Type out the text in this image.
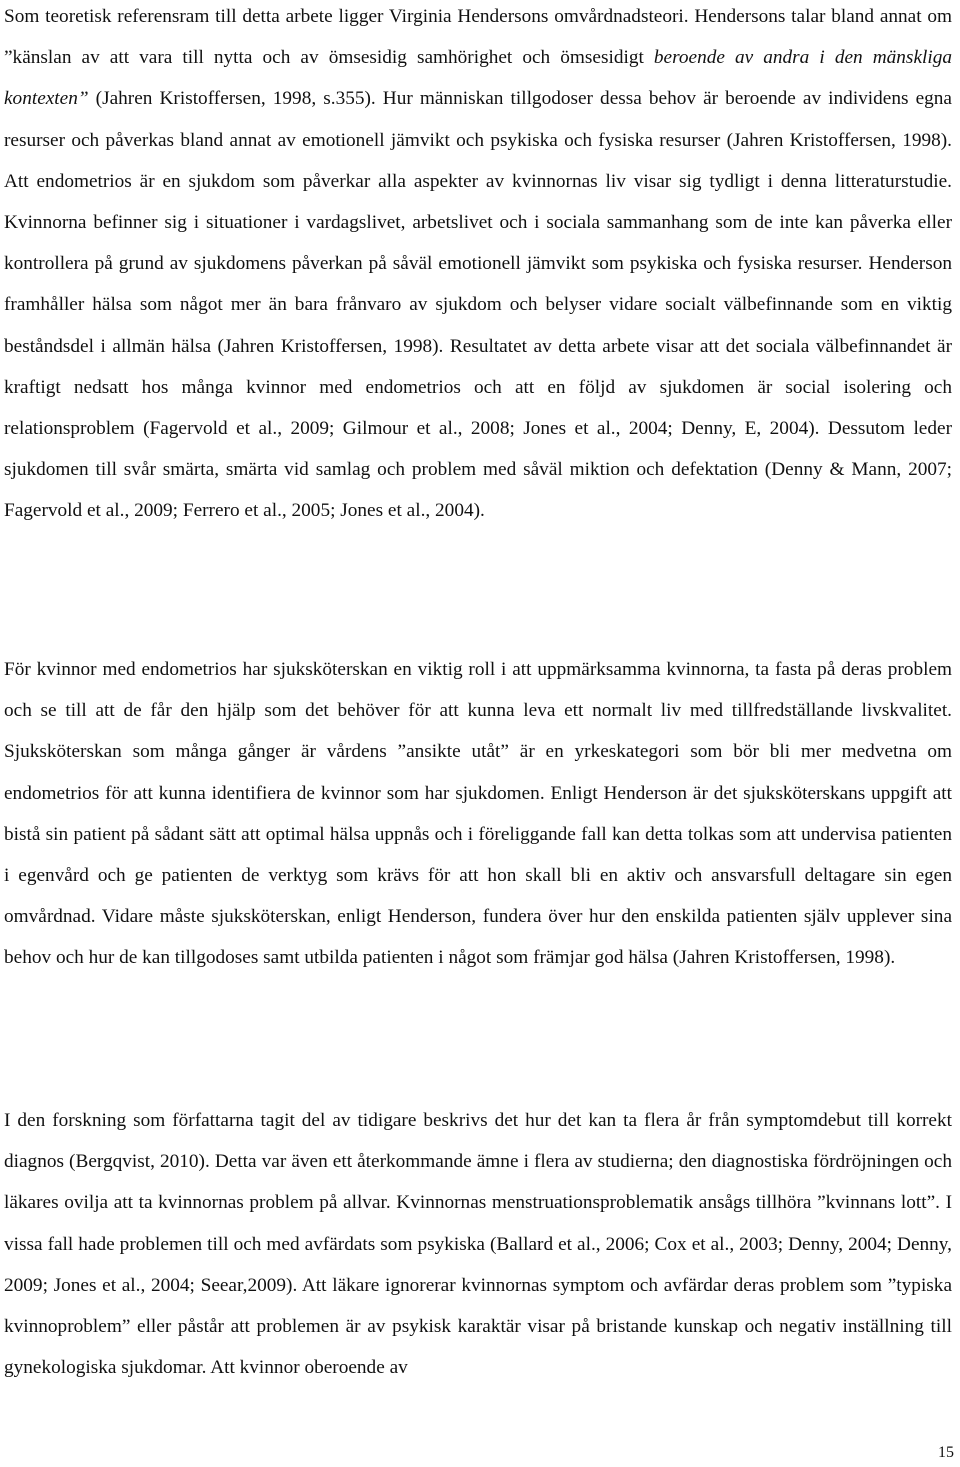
Som teoretisk referensram till detta arbete ligger Virginia Hendersons omvårdnadsteori. Hendersons talar bland annat om ”känslan av att vara till nytta och av ömsesidig samhörighet och ömsesidigt beroende av andra i den mänskliga kontexten” (Jahren Kristoffersen, 1998, s.355). Hur människan tillgodoser dessa behov är beroende av individens egna resurser och påverkas bland annat av emotionell jämvikt och psykiska och fysiska resurser (Jahren Kristoffersen, 1998). Att endometrios är en sjukdom som påverkar alla aspekter av kvinnornas liv visar sig tydligt i denna litteraturstudie. Kvinnorna befinner sig i situationer i vardagslivet, arbetslivet och i sociala sammanhang som de inte kan påverka eller kontrollera på grund av sjukdomens påverkan på såväl emotionell jämvikt som psykiska och fysiska resurser. Henderson framhåller hälsa som något mer än bara frånvaro av sjukdom och belyser vidare socialt välbefinnande som en viktig beståndsdel i allmän hälsa (Jahren Kristoffersen, 1998). Resultatet av detta arbete visar att det sociala välbefinnandet är kraftigt nedsatt hos många kvinnor med endometrios och att en följd av sjukdomen är social isolering och relationsproblem (Fagervold et al., 2009; Gilmour et al., 2008; Jones et al., 2004; Denny, E, 2004). Dessutom leder sjukdomen till svår smärta, smärta vid samlag och problem med såväl miktion och defektation (Denny & Mann, 2007; Fagervold et al., 2009; Ferrero et al., 2005; Jones et al., 2004).

För kvinnor med endometrios har sjuksköterskan en viktig roll i att uppmärksamma kvinnorna, ta fasta på deras problem och se till att de får den hjälp som det behöver för att kunna leva ett normalt liv med tillfredställande livskvalitet. Sjuksköterskan som många gånger är vårdens ”ansikte utåt” är en yrkeskategori som bör bli mer medvetna om endometrios för att kunna identifiera de kvinnor som har sjukdomen. Enligt Henderson är det sjuksköterskans uppgift att bistå sin patient på sådant sätt att optimal hälsa uppnås och i föreliggande fall kan detta tolkas som att undervisa patienten i egenvård och ge patienten de verktyg som krävs för att hon skall bli en aktiv och ansvarsfull deltagare sin egen omvårdnad. Vidare måste sjuksköterskan, enligt Henderson, fundera över hur den enskilda patienten själv upplever sina behov och hur de kan tillgodoses samt utbilda patienten i något som främjar god hälsa (Jahren Kristoffersen, 1998).

I den forskning som författarna tagit del av tidigare beskrivs det hur det kan ta flera år från symptomdebut till korrekt diagnos (Bergqvist, 2010). Detta var även ett återkommande ämne i flera av studierna; den diagnostiska fördröjningen och läkares ovilja att ta kvinnornas problem på allvar. Kvinnornas menstruationsproblematik ansågs tillhöra ”kvinnans lott”. I vissa fall hade problemen till och med avfärdats som psykiska (Ballard et al., 2006; Cox et al., 2003; Denny, 2004; Denny, 2009; Jones et al., 2004; Seear,2009). Att läkare ignorerar kvinnornas symptom och avfärdar deras problem som ”typiska kvinnoproblem” eller påstår att problemen är av psykisk karaktär visar på bristande kunskap och negativ inställning till gynekologiska sjukdomar. Att kvinnor oberoende av

15
